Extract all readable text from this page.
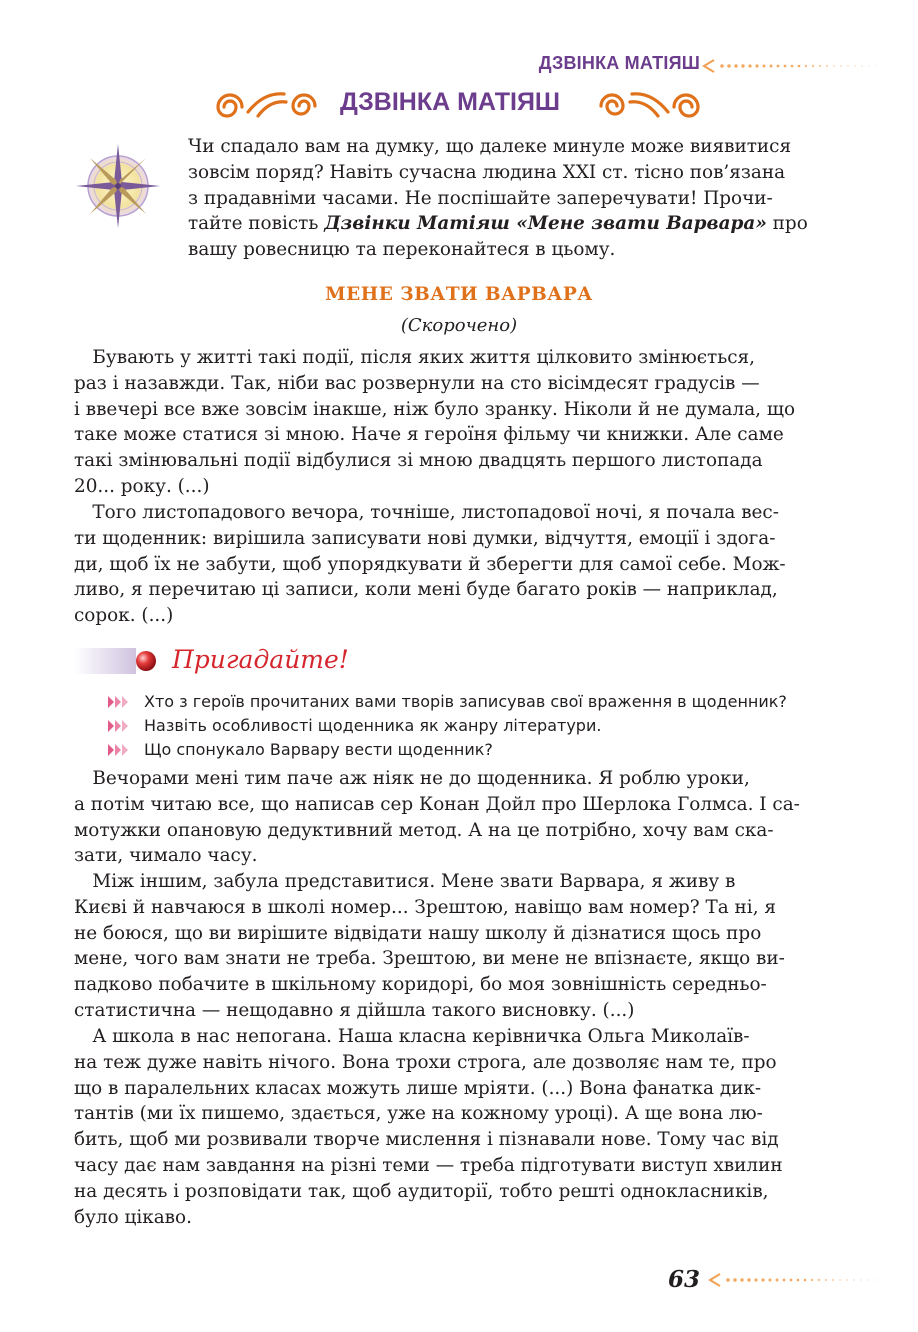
ДЗВІНКА МАТІЯШ
ДЗВІНКА МАТІЯШ
Чи спадало вам на думку, що далеке минуле може виявитися
зовсім поряд? Навіть сучасна людина XXI ст. тісно пов’язана
з прадавніми часами. Не поспішайте заперечувати! Прочи-
тайте повість Дзвінки Матіяш «Мене звати Варвара» про
вашу ровесницю та переконайтеся в цьому.
МЕНЕ ЗВАТИ ВАРВАРА
(Скорочено)
 Бувають у житті такі події, після яких життя цілковито змінюється,
раз і назавжди. Так, ніби вас розвернули на сто вісімдесят градусів —
і ввечері все вже зовсім інакше, ніж було зранку. Ніколи й не думала, що
таке може статися зі мною. Наче я героїня фільму чи книжки. Але саме
такі змінювальні події відбулися зі мною двадцять першого листопада
20... року. (...)
 Того листопадового вечора, точніше, листопадової ночі, я почала вес-
ти щоденник: вирішила записувати нові думки, відчуття, емоції і здога-
ди, щоб їх не забути, щоб упорядкувати й зберегти для самої себе. Мож-
ливо, я перечитаю ці записи, коли мені буде багато років — наприклад,
сорок. (...)
Пригадайте!
Хто з героїв прочитаних вами творів записував свої враження в щоденник?
Назвіть особливості щоденника як жанру літератури.
Що спонукало Варвару вести щоденник?
 Вечорами мені тим паче аж ніяк не до щоденника. Я роблю уроки,
а потім читаю все, що написав сер Конан Дойл про Шерлока Голмса. І са-
мотужки опановую дедуктивний метод. А на це потрібно, хочу вам ска-
зати, чимало часу.
 Між іншим, забула представитися. Мене звати Варвара, я живу в
Києві й навчаюся в школі номер... Зрештою, навіщо вам номер? Та ні, я
не боюся, що ви вирішите відвідати нашу школу й дізнатися щось про
мене, чого вам знати не треба. Зрештою, ви мене не впізнаєте, якщо ви-
падково побачите в шкільному коридорі, бо моя зовнішність середньо-
статистична — нещодавно я дійшла такого висновку. (...)
 А школа в нас непогана. Наша класна керівничка Ольга Миколаїв-
на теж дуже навіть нічого. Вона трохи строга, але дозволяє нам те, про
що в паралельних класах можуть лише мріяти. (...) Вона фанатка дик-
тантів (ми їх пишемо, здається, уже на кожному уроці). А ще вона лю-
бить, щоб ми розвивали творче мислення і пізнавали нове. Тому час від
часу дає нам завдання на різні теми — треба підготувати виступ хвилин
на десять і розповідати так, щоб аудиторії, тобто решті однокласників,
було цікаво.
63
